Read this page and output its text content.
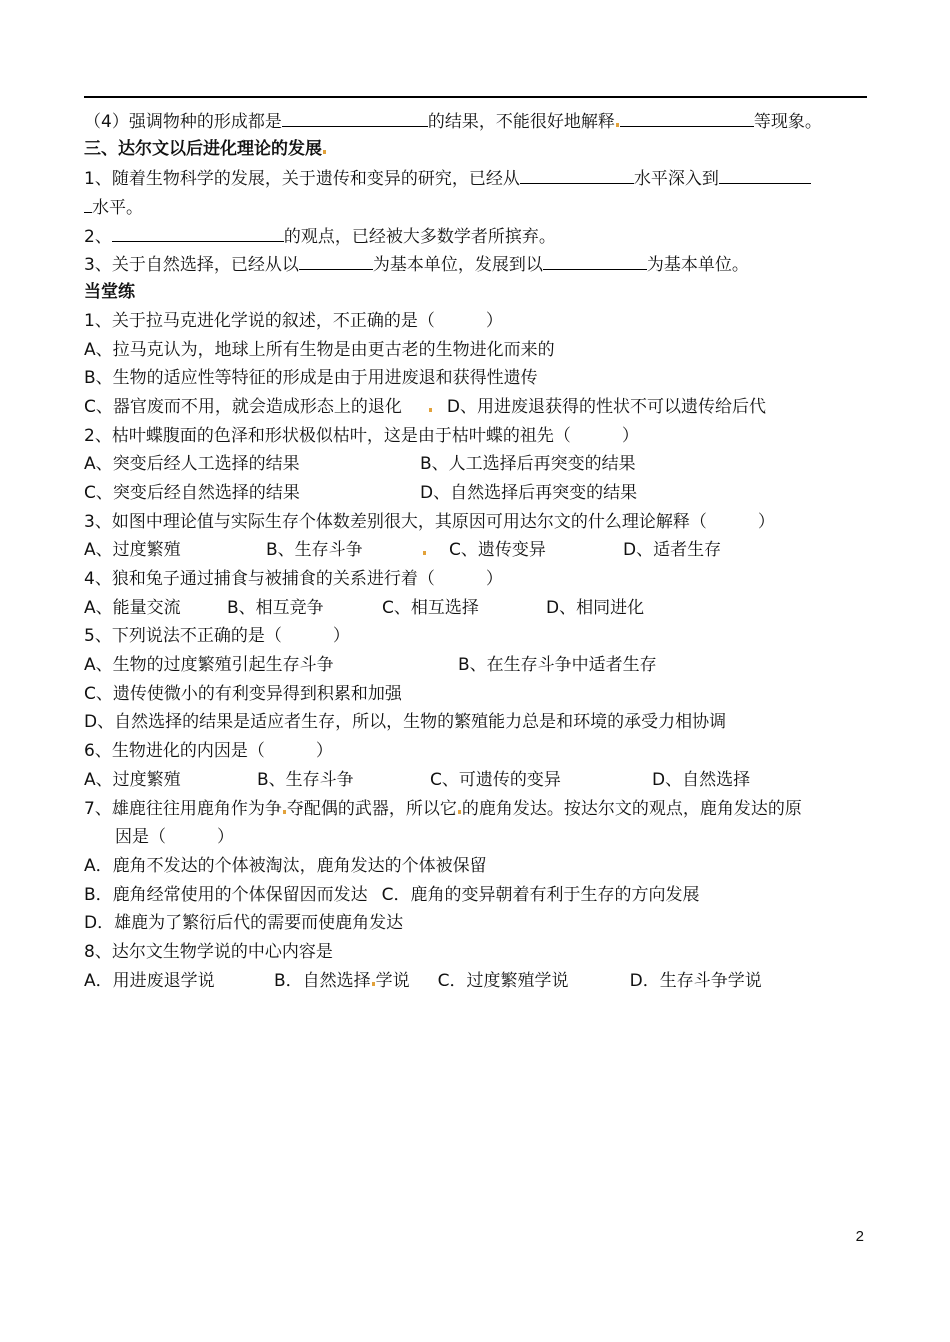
（4）强调物种的形成都是	的结果，不能很好地解释	等现象。
三、达尔文以后进化理论的发展
1、随着生物科学的发展，关于遗传和变异的研究，已经从	水平深入到
水平。
2、	的观点，已经被大多数学者所摈弃。
3、关于自然选择，已经从以	为基本单位，发展到以	为基本单位。
当堂练
1、关于拉马克进化学说的叙述，不正确的是（　　　）
A、拉马克认为，地球上所有生物是由更古老的生物进化而来的
B、生物的适应性等特征的形成是由于用进废退和获得性遗传
C、器官废而不用，就会造成形态上的退化	D、用进废退获得的性状不可以遗传给后代
2、枯叶蝶腹面的色泽和形状极似枯叶，这是由于枯叶蝶的祖先（　　　）
A、突变后经人工选择的结果	B、人工选择后再突变的结果
C、突变后经自然选择的结果	D、自然选择后再突变的结果
3、如图中理论值与实际生存个体数差别很大，其原因可用达尔文的什么理论解释（　　　）
A、过度繁殖	B、生存斗争	C、遗传变异	D、适者生存
4、狼和兔子通过捕食与被捕食的关系进行着（　　　）
A、能量交流	B、相互竞争	C、相互选择	D、相同进化
5、下列说法不正确的是（　　　）
A、生物的过度繁殖引起生存斗争	B、在生存斗争中适者生存
C、遗传使微小的有利变异得到积累和加强
D、自然选择的结果是适应者生存，所以，生物的繁殖能力总是和环境的承受力相协调
6、生物进化的内因是（　　　）
A、过度繁殖	B、生存斗争	C、可遗传的变异	D、自然选择
7、雄鹿往往用鹿角作为争 夺配偶的武器，所以它 的鹿角发达。按达尔文的观点，鹿角发达的原
因是（　　　）
A．鹿角不发达的个体被淘汰，鹿角发达的个体被保留
B．鹿角经常使用的个体保留因而发达 C．鹿角的变异朝着有利于生存的方向发展
D．雄鹿为了繁衍后代的需要而使鹿角发达
8、达尔文生物学说的中心内容是
A．用进废退学说	B．自然选择 学说 C．过度繁殖学说	D．生存斗争学说
2
